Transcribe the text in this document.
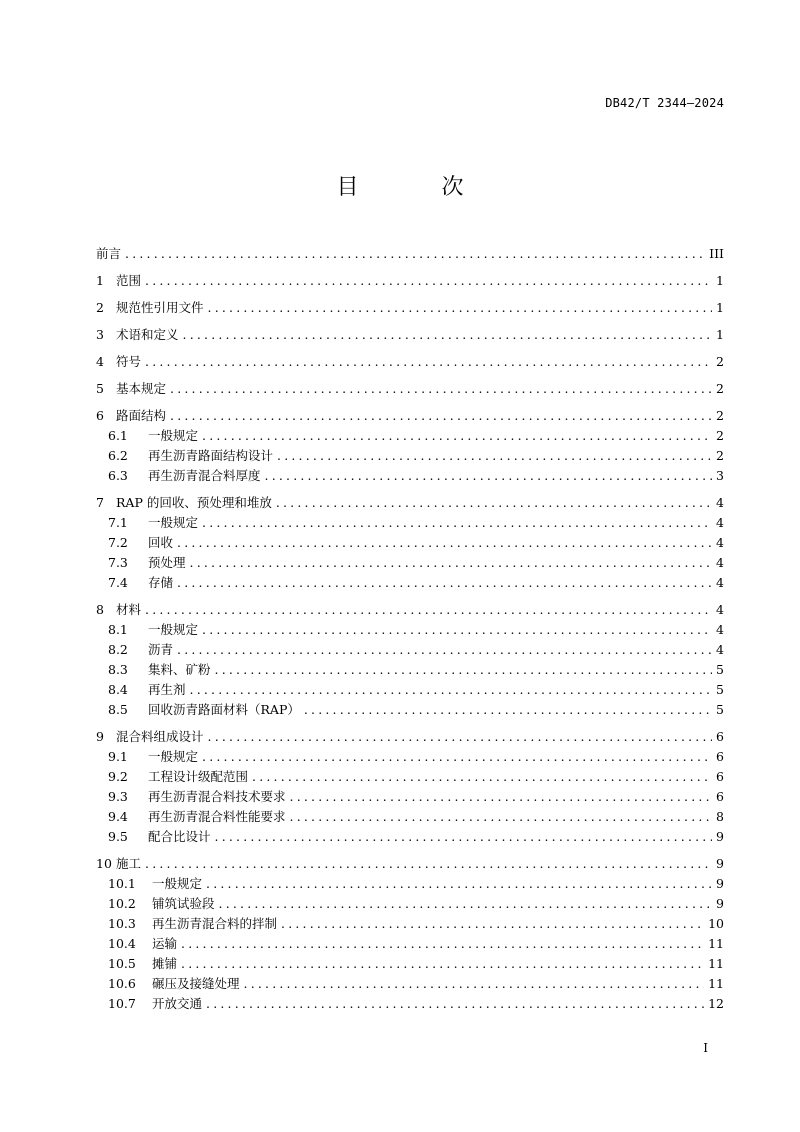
DB42/T 2344—2024
目 次
前言 .....	III
1 范围 .....	1
2 规范性引用文件 .....	1
3 术语和定义 .....	1
4 符号 .....	2
5 基本规定 .....	2
6 路面结构 .....	2
6.1	一般规定 .....	2
6.2	再生沥青路面结构设计 .....	2
6.3	再生沥青混合料厚度 .....	3
7 RAP 的回收、预处理和堆放 .....	4
7.1	一般规定 .....	4
7.2	回收 .....	4
7.3	预处理 .....	4
7.4	存储 .....	4
8 材料 .....	4
8.1	一般规定 .....	4
8.2	沥青 .....	4
8.3	集料、矿粉 .....	5
8.4	再生剂 .....	5
8.5	回收沥青路面材料（RAP） .....	5
9 混合料组成设计 .....	6
9.1	一般规定 .....	6
9.2	工程设计级配范围 .....	6
9.3	再生沥青混合料技术要求 .....	6
9.4	再生沥青混合料性能要求 .....	8
9.5	配合比设计 .....	9
10 施工 .....	9
10.1	一般规定 .....	9
10.2	铺筑试验段 .....	9
10.3	再生沥青混合料的拌制 .....	10
10.4	运输 .....	11
10.5	摊铺 .....	11
10.6	碾压及接缝处理 .....	11
10.7	开放交通 .....	12
I
